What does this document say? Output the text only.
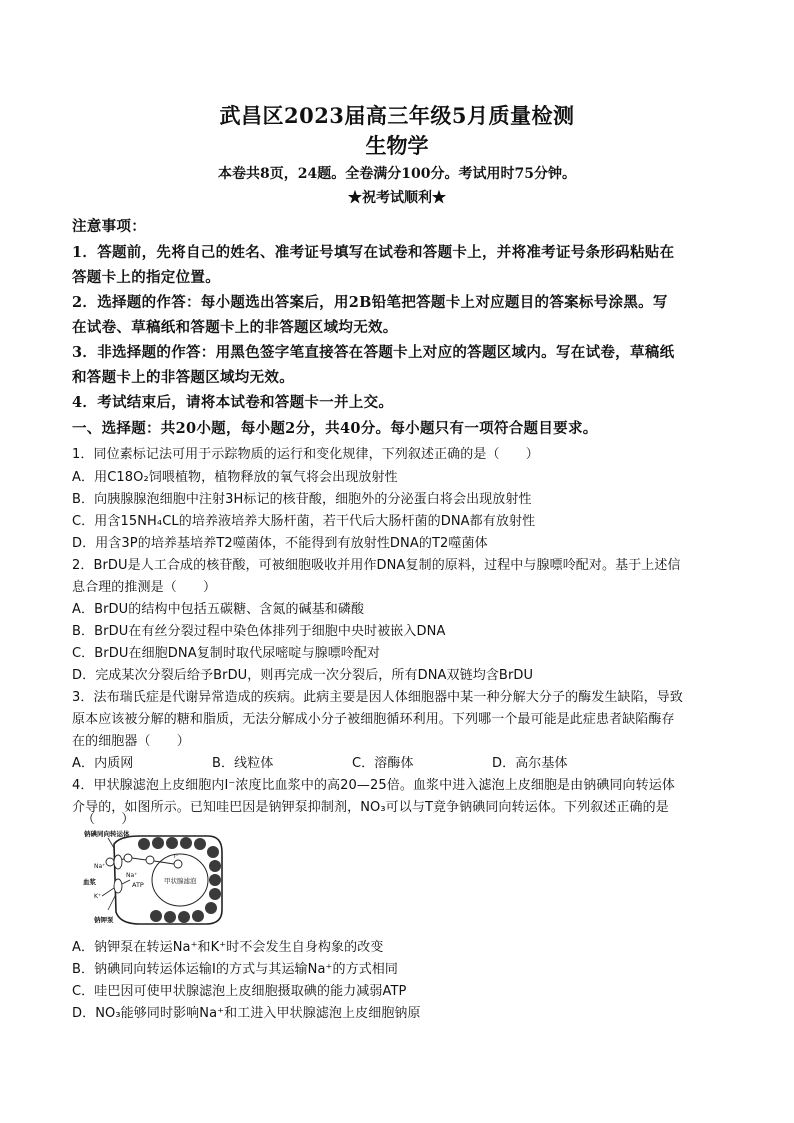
武昌区2023届高三年级5月质量检测
生物学
本卷共8页，24题。全卷满分100分。考试用时75分钟。
★祝考试顺利★
注意事项：
1．答题前，先将自己的姓名、准考证号填写在试卷和答题卡上，并将准考证号条形码粘贴在
答题卡上的指定位置。
2．选择题的作答：每小题选出答案后，用2B铅笔把答题卡上对应题目的答案标号涂黑。写
在试卷、草稿纸和答题卡上的非答题区域均无效。
3．非选择题的作答：用黑色签字笔直接答在答题卡上对应的答题区域内。写在试卷，草稿纸
和答题卡上的非答题区域均无效。
4．考试结束后，请将本试卷和答题卡一并上交。
一、选择题：共20小题，每小题2分，共40分。每小题只有一项符合题目要求。
1．同位素标记法可用于示踪物质的运行和变化规律，下列叙述正确的是（　　）
A．用C18O₂饲喂植物，植物释放的氧气将会出现放射性
B．向胰腺腺泡细胞中注射3H标记的核苷酸，细胞外的分泌蛋白将会出现放射性
C．用含15NH₄CL的培养液培养大肠杆菌，若干代后大肠杆菌的DNA都有放射性
D．用含3P的培养基培养T2噬菌体，不能得到有放射性DNA的T2噬菌体
2．BrDU是人工合成的核苷酸，可被细胞吸收并用作DNA复制的原料，过程中与腺嘌呤配对。基于上述信
息合理的推测是（　　）
A．BrDU的结构中包括五碳糖、含氮的碱基和磷酸
B．BrDU在有丝分裂过程中染色体排列于细胞中央时被嵌入DNA
C．BrDU在细胞DNA复制时取代尿嘧啶与腺嘌呤配对
D．完成某次分裂后给予BrDU，则再完成一次分裂后，所有DNA双链均含BrDU
3．法布瑞氏症是代谢异常造成的疾病。此病主要是因人体细胞器中某一种分解大分子的酶发生缺陷，导致
原本应该被分解的糖和脂质，无法分解成小分子被细胞循环利用。下列哪一个最可能是此症患者缺陷酶存
在的细胞器（　　）
A．内质网	B．线粒体	C．溶酶体	D．高尔基体
4．甲状腺滤泡上皮细胞内I⁻浓度比血浆中的高20—25倍。血浆中进入滤泡上皮细胞是由钠碘同向转运体
介导的，如图所示。已知哇巴因是钠钾泵抑制剂，NO₃可以与T竟争钠碘同向转运体。下列叙述正确的是
（　　）
甲状腺滤泡
钠碘同向转运体
I⁻
Na⁺
Na⁺
血浆	ATP
K⁺
钠钾泵
A．钠钾泵在转运Na⁺和K⁺时不会发生自身构象的改变
B．钠碘同向转运体运输I的方式与其运输Na⁺的方式相同
C．哇巴因可使甲状腺滤泡上皮细胞摄取碘的能力减弱ATP
D．NO₃能够同时影响Na⁺和工进入甲状腺滤泡上皮细胞钠原
